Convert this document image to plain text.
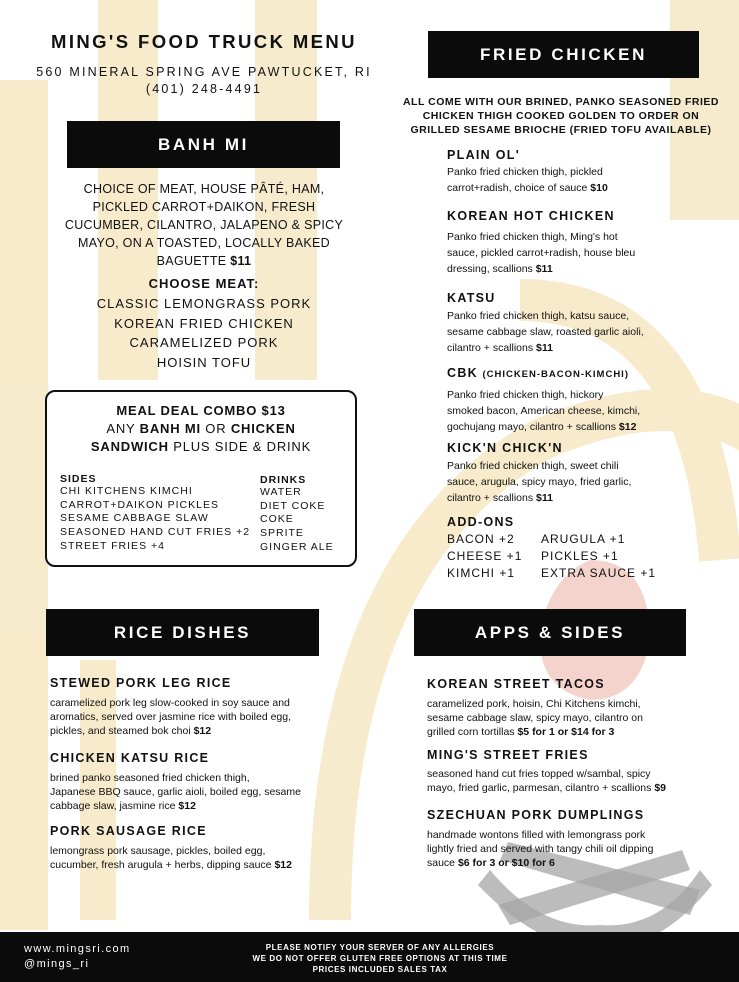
MING'S FOOD TRUCK MENU
560 MINERAL SPRING AVE PAWTUCKET, RI
(401) 248-4491
BANH MI
CHOICE OF MEAT, HOUSE PÂTÉ, HAM, PICKLED CARROT+DAIKON, FRESH CUCUMBER, CILANTRO, JALAPENO & SPICY MAYO, ON A TOASTED, LOCALLY BAKED BAGUETTE $11
CHOOSE MEAT:
CLASSIC LEMONGRASS PORK
KOREAN FRIED CHICKEN
CARAMELIZED PORK
HOISIN TOFU
MEAL DEAL COMBO $13
ANY BANH MI OR CHICKEN
SANDWICH PLUS SIDE & DRINK
SIDES
CHI KITCHENS KIMCHI
CARROT+DAIKON PICKLES
SESAME CABBAGE SLAW
SEASONED HAND CUT FRIES +2
STREET FRIES +4
DRINKS
WATER
DIET COKE
COKE
SPRITE
GINGER ALE
FRIED CHICKEN
ALL COME WITH OUR BRINED, PANKO SEASONED FRIED CHICKEN THIGH COOKED GOLDEN TO ORDER ON GRILLED SESAME BRIOCHE (FRIED TOFU AVAILABLE)
PLAIN OL'
Panko fried chicken thigh, pickled
carrot+radish, choice of sauce $10
KOREAN HOT CHICKEN
Panko fried chicken thigh, Ming's hot
sauce, pickled carrot+radish, house bleu
dressing, scallions $11
KATSU
Panko fried chicken thigh, katsu sauce,
sesame cabbage slaw, roasted garlic aioli,
cilantro + scallions $11
CBK (CHICKEN-BACON-KIMCHI)
Panko fried chicken thigh, hickory
smoked bacon, American cheese, kimchi,
gochujang mayo, cilantro + scallions $12
KICK'N CHICK'N
Panko fried chicken thigh, sweet chili
sauce, arugula, spicy mayo, fried garlic,
cilantro + scallions $11
ADD-ONS
BACON +2
CHEESE +1
KIMCHI +1
ARUGULA +1
PICKLES +1
EXTRA SAUCE +1
RICE DISHES
STEWED PORK LEG RICE
caramelized pork leg slow-cooked in soy sauce and
aromatics, served over jasmine rice with boiled egg,
pickles, and steamed bok choi $12
CHICKEN KATSU RICE
brined panko seasoned fried chicken thigh,
Japanese BBQ sauce, garlic aioli, boiled egg, sesame
cabbage slaw, jasmine rice $12
PORK SAUSAGE RICE
lemongrass pork sausage, pickles, boiled egg,
cucumber, fresh arugula + herbs, dipping sauce $12
APPS & SIDES
KOREAN STREET TACOS
caramelized pork, hoisin, Chi Kitchens kimchi,
sesame cabbage slaw, spicy mayo, cilantro on
grilled corn tortillas $5 for 1 or $14 for 3
MING'S STREET FRIES
seasoned hand cut fries topped w/sambal, spicy
mayo, fried garlic, parmesan, cilantro + scallions $9
SZECHUAN PORK DUMPLINGS
handmade wontons filled with lemongrass pork
lightly fried and served with tangy chili oil dipping
sauce $6 for 3 or $10 for 6
www.mingsri.com
@mings_ri
PLEASE NOTIFY YOUR SERVER OF ANY ALLERGIES
WE DO NOT OFFER GLUTEN FREE OPTIONS AT THIS TIME
PRICES INCLUDED SALES TAX
